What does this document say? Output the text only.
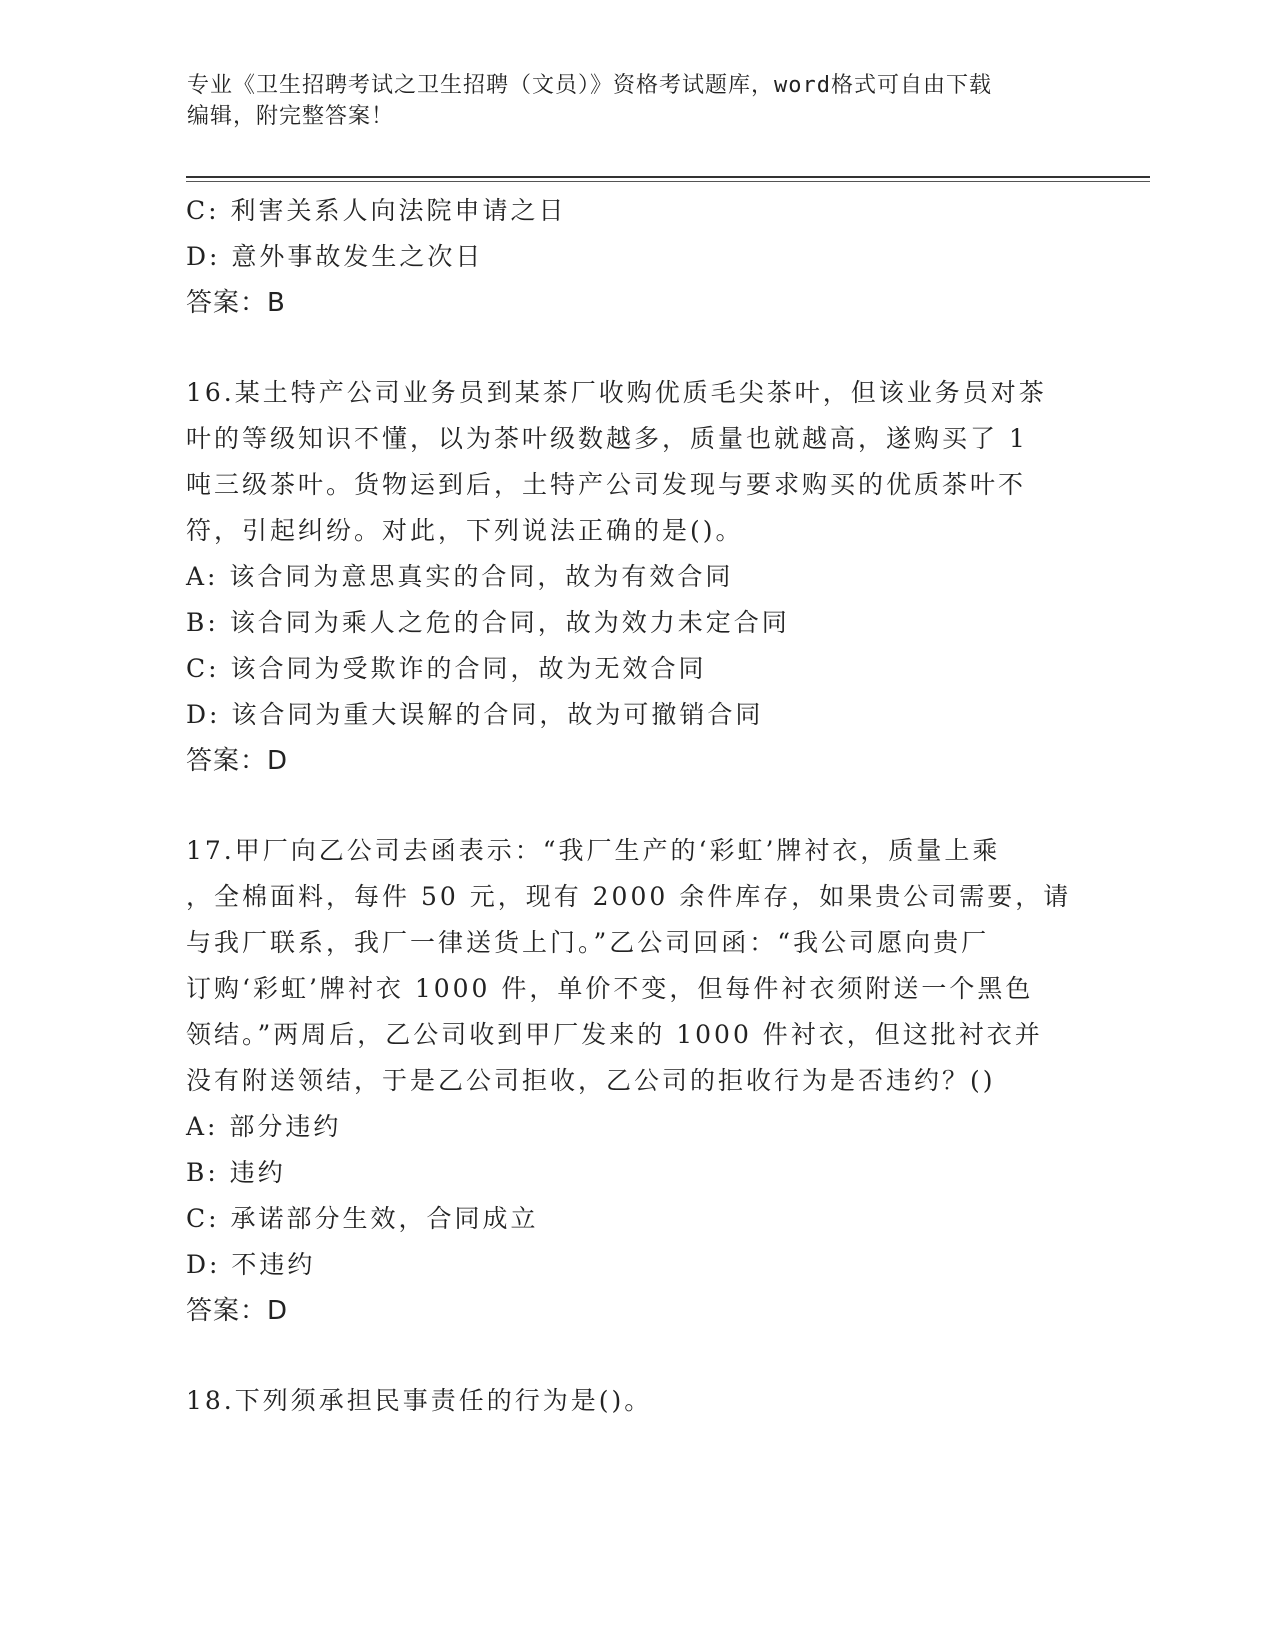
专业《卫生招聘考试之卫生招聘（文员）》资格考试题库，word格式可自由下载
编辑，附完整答案！
C: 利害关系人向法院申请之日
D: 意外事故发生之次日
答案：B
16.某土特产公司业务员到某茶厂收购优质毛尖茶叶，但该业务员对茶
叶的等级知识不懂，以为茶叶级数越多，质量也就越高，遂购买了 1
吨三级茶叶。货物运到后，土特产公司发现与要求购买的优质茶叶不
符，引起纠纷。对此，下列说法正确的是()。
A: 该合同为意思真实的合同，故为有效合同
B: 该合同为乘人之危的合同，故为效力未定合同
C: 该合同为受欺诈的合同，故为无效合同
D: 该合同为重大误解的合同，故为可撤销合同
答案：D
17.甲厂向乙公司去函表示：“我厂生产的‘彩虹’牌衬衣，质量上乘
，全棉面料，每件 50 元，现有 2000 余件库存，如果贵公司需要，请
与我厂联系，我厂一律送货上门。”乙公司回函：“我公司愿向贵厂
订购‘彩虹’牌衬衣 1000 件，单价不变，但每件衬衣须附送一个黑色
领结。”两周后，乙公司收到甲厂发来的 1000 件衬衣，但这批衬衣并
没有附送领结，于是乙公司拒收，乙公司的拒收行为是否违约？()
A: 部分违约
B: 违约
C: 承诺部分生效，合同成立
D: 不违约
答案：D
18.下列须承担民事责任的行为是()。
